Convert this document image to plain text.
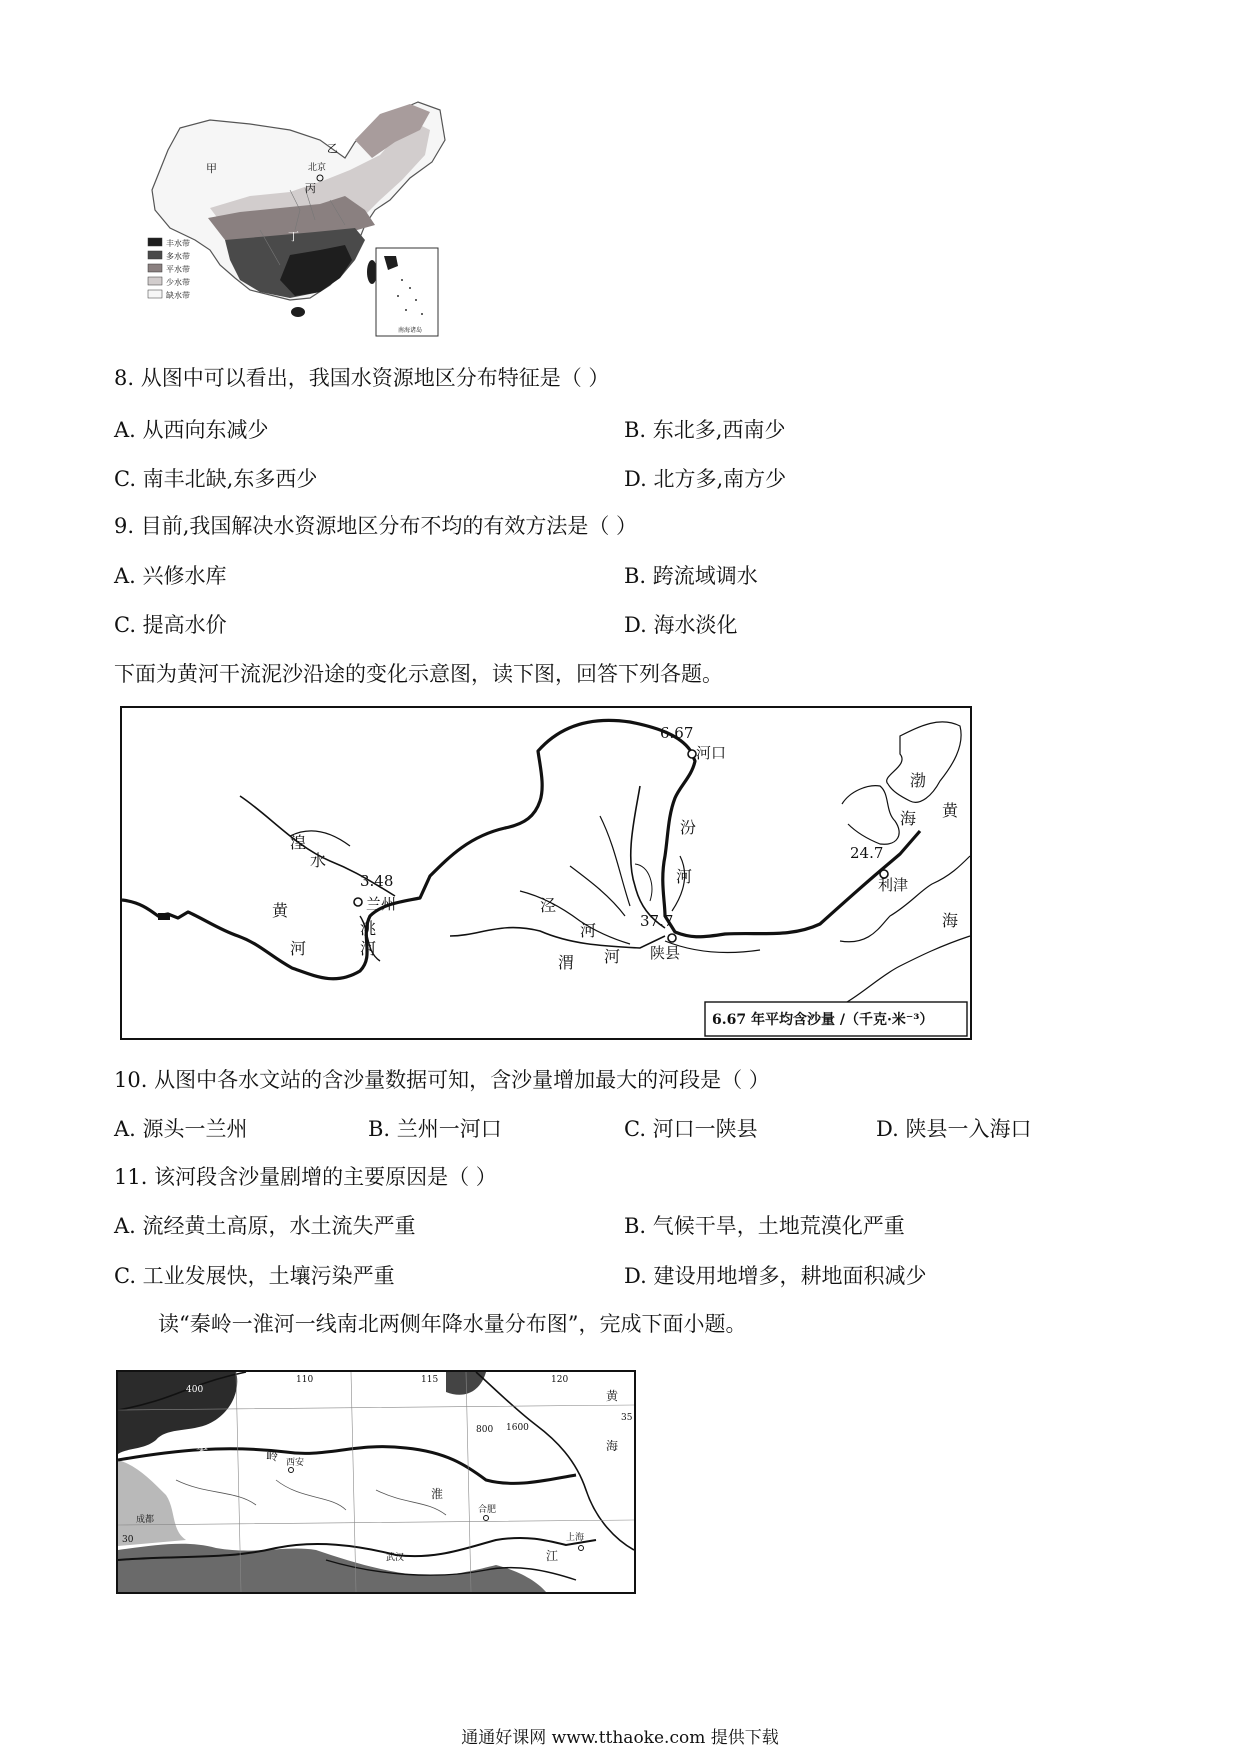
甲
乙
丙
丁
北京
丰水带
多水带
平水带
少水带
缺水带
南海诸岛
8. 从图中可以看出，我国水资源地区分布特征是（ ）
A. 从西向东减少	B. 东北多,西南少
C. 南丰北缺,东多西少	D. 北方多,南方少
9. 目前,我国解决水资源地区分布不均的有效方法是（ ）
A. 兴修水库	B. 跨流域调水
C. 提高水价	D. 海水淡化
下面为黄河干流泥沙沿途的变化示意图，读下图，回答下列各题。
6.67
河口
3.48
兰州
37.7
陕县
24.7
利津
黄
河
湟
水
洮
河
汾
河
泾
河
渭 河
渤
海 黄
海
6.67 年平均含沙量 /（千克·米⁻³）
10. 从图中各水文站的含沙量数据可知，含沙量增加最大的河段是（ ）
A. 源头一兰州	B. 兰州一河口	C. 河口一陕县	D. 陕县一入海口
11. 该河段含沙量剧增的主要原因是（ ）
A. 流经黄土高原，水土流失严重	B. 气候干旱，土地荒漠化严重
C. 工业发展快，土壤污染严重	D. 建设用地增多，耕地面积减少
读“秦岭一淮河一线南北两侧年降水量分布图”，完成下面小题。
110	115	120
35
30
400
800 1600
西安
合肥
武汉
成都
上海
淮
秦
岭
黄
海
江
通通好课网 www.tthaoke.com 提供下载
